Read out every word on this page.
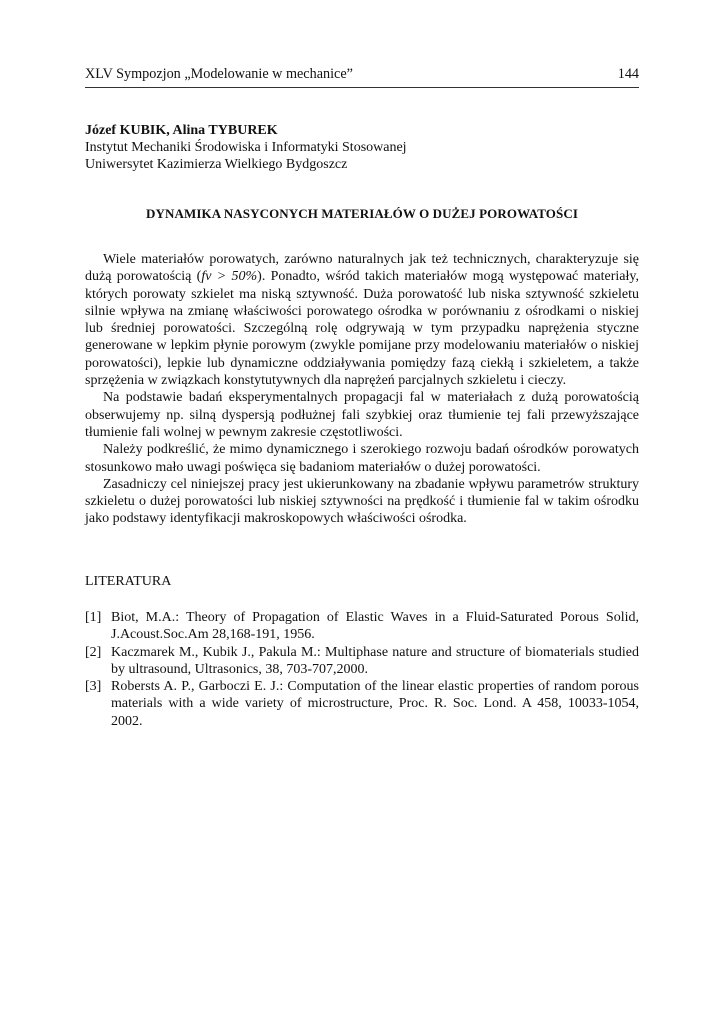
XLV Sympozjon „Modelowanie w mechanice”	144
Józef KUBIK, Alina TYBUREK
Instytut Mechaniki Środowiska i Informatyki Stosowanej
Uniwersytet Kazimierza Wielkiego Bydgoszcz
DYNAMIKA NASYCONYCH MATERIAŁÓW O DUŻEJ POROWATOŚCI

Wiele materiałów porowatych, zarówno naturalnych jak też technicznych, charakteryzuje się dużą porowatością (fv > 50%). Ponadto, wśród takich materiałów mogą występować materiały, których porowaty szkielet ma niską sztywność. Duża porowatość lub niska sztywność szkieletu silnie wpływa na zmianę właściwości porowatego ośrodka w porównaniu z ośrodkami o niskiej lub średniej porowatości. Szczególną rolę odgrywają w tym przypadku naprężenia styczne generowane w lepkim płynie porowym (zwykle pomijane przy modelowaniu materiałów o niskiej porowatości), lepkie lub dynamiczne oddziaływania pomiędzy fazą ciekłą i szkieletem, a także sprzężenia w związkach konstytutywnych dla naprężeń parcjalnych szkieletu i cieczy.

Na podstawie badań eksperymentalnych propagacji fal w materiałach z dużą porowatością obserwujemy np. silną dyspersją podłużnej fali szybkiej oraz tłumienie tej fali przewyższające tłumienie fali wolnej w pewnym zakresie częstotliwości.

Należy podkreślić, że mimo dynamicznego i szerokiego rozwoju badań ośrodków porowatych stosunkowo mało uwagi poświęca się badaniom materiałów o dużej porowatości.

Zasadniczy cel niniejszej pracy jest ukierunkowany na zbadanie wpływu parametrów struktury szkieletu o dużej porowatości lub niskiej sztywności na prędkość i tłumienie fal w takim ośrodku jako podstawy identyfikacji makroskopowych właściwości ośrodka.

LITERATURA
[1] Biot, M.A.: Theory of Propagation of Elastic Waves in a Fluid-Saturated Porous Solid, J.Acoust.Soc.Am 28,168-191, 1956.
[2] Kaczmarek M., Kubik J., Pakula M.: Multiphase nature and structure of biomaterials studied by ultrasound, Ultrasonics, 38, 703-707,2000.
[3] Robersts A. P., Garboczi E. J.: Computation of the linear elastic properties of random porous materials with a wide variety of microstructure, Proc. R. Soc. Lond. A 458, 10033-1054, 2002.
